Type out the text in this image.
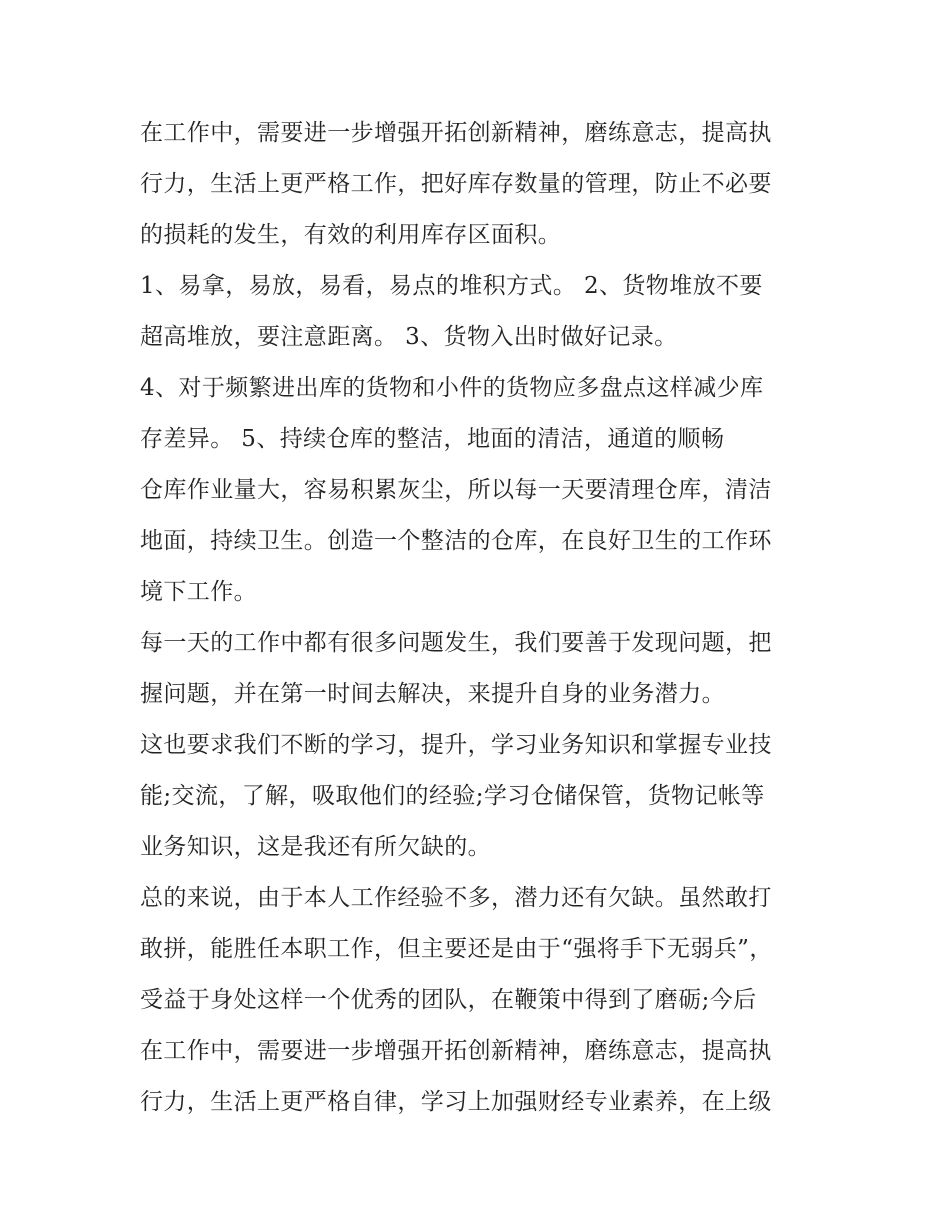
在工作中，需要进一步增强开拓创新精神，磨练意志，提高执
行力，生活上更严格工作，把好库存数量的管理，防止不必要
的损耗的发生，有效的利用库存区面积。
1、易拿，易放，易看，易点的堆积方式。 2、货物堆放不要
超高堆放，要注意距离。 3、货物入出时做好记录。
4、对于频繁进出库的货物和小件的货物应多盘点这样减少库
存差异。 5、持续仓库的整洁，地面的清洁，通道的顺畅
仓库作业量大，容易积累灰尘，所以每一天要清理仓库，清洁
地面，持续卫生。创造一个整洁的仓库，在良好卫生的工作环
境下工作。
每一天的工作中都有很多问题发生，我们要善于发现问题，把
握问题，并在第一时间去解决，来提升自身的业务潜力。
这也要求我们不断的学习，提升，学习业务知识和掌握专业技
能;交流，了解，吸取他们的经验;学习仓储保管，货物记帐等
业务知识，这是我还有所欠缺的。
总的来说，由于本人工作经验不多，潜力还有欠缺。虽然敢打
敢拼，能胜任本职工作，但主要还是由于“强将手下无弱兵”，
受益于身处这样一个优秀的团队，在鞭策中得到了磨砺;今后
在工作中，需要进一步增强开拓创新精神，磨练意志，提高执
行力，生活上更严格自律，学习上加强财经专业素养，在上级
